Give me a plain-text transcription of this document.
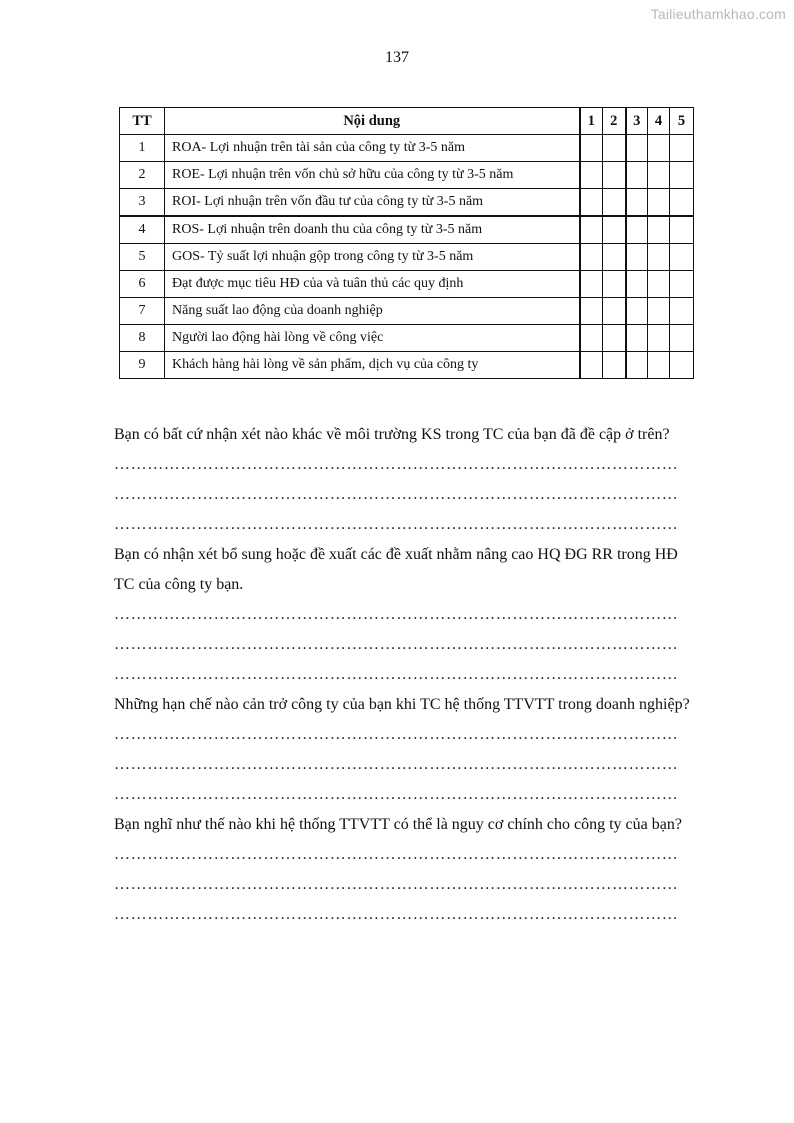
Tailieuthamkhao.com
137
TT	Nội dung	1	2	3	4	5
1	ROA- Lợi nhuận trên tài sản của công ty từ 3-5 năm					
2	ROE- Lợi nhuận trên vốn chủ sở hữu của công ty từ 3-5 năm					
3	ROI- Lợi nhuận trên vốn đầu tư của công ty từ 3-5 năm					
4	ROS- Lợi nhuận trên doanh thu của công ty từ 3-5 năm					
5	GOS- Tỷ suất lợi nhuận gộp trong công ty từ 3-5 năm					
6	Đạt được mục tiêu HĐ của và tuân thủ các quy định					
7	Năng suất lao động của doanh nghiệp					
8	Người lao động hài lòng về công việc					
9	Khách hàng hài lòng về sản phẩm, dịch vụ của công ty					

Bạn có bất cứ nhận xét nào khác về môi trường KS trong TC của bạn đã đề cập ở trên?

…………………………………………………………………………………………
…………………………………………………………………………………………
…………………………………………………………………………………………

Bạn có nhận xét bổ sung hoặc đề xuất các đề xuất nhằm nâng cao HQ ĐG RR trong HĐ TC của công ty bạn.

…………………………………………………………………………………………
…………………………………………………………………………………………
…………………………………………………………………………………………

Những hạn chế nào cản trở công ty của bạn khi TC hệ thống TTVTT trong doanh nghiệp?

…………………………………………………………………………………………
…………………………………………………………………………………………
…………………………………………………………………………………………

Bạn nghĩ như thế nào khi hệ thống TTVTT có thể là nguy cơ chính cho công ty của bạn?

…………………………………………………………………………………………
…………………………………………………………………………………………
…………………………………………………………………………………………
